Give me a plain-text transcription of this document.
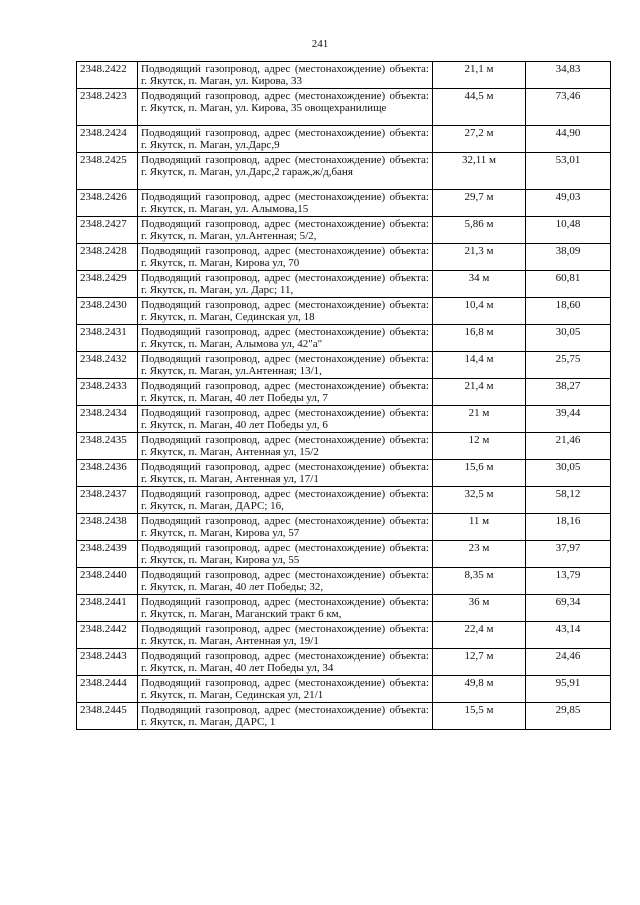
241
2348.2422	Подводящий газопровод, адрес (местонахождение) объекта: г. Якутск, п. Маган, ул. Кирова, 33	21,1 м	34,83
2348.2423	Подводящий газопровод, адрес (местонахождение) объекта: г. Якутск, п. Маган, ул. Кирова, 35 овощехранилище	44,5 м	73,46
2348.2424	Подводящий газопровод, адрес (местонахождение) объекта: г. Якутск, п. Маган, ул.Дарс,9	27,2 м	44,90
2348.2425	Подводящий газопровод, адрес (местонахождение) объекта: г. Якутск, п. Маган, ул.Дарс,2 гараж,ж/д,баня	32,11 м	53,01
2348.2426	Подводящий газопровод, адрес (местонахождение) объекта: г. Якутск, п. Маган, ул. Алымова,15	29,7 м	49,03
2348.2427	Подводящий газопровод, адрес (местонахождение) объекта: г. Якутск, п. Маган, ул.Антенная; 5/2,	5,86 м	10,48
2348.2428	Подводящий газопровод, адрес (местонахождение) объекта: г. Якутск, п. Маган, Кирова ул, 70	21,3 м	38,09
2348.2429	Подводящий газопровод, адрес (местонахождение) объекта: г. Якутск, п. Маган, ул. Дарс; 11,	34 м	60,81
2348.2430	Подводящий газопровод, адрес (местонахождение) объекта: г. Якутск, п. Маган, Сединская ул, 18	10,4 м	18,60
2348.2431	Подводящий газопровод, адрес (местонахождение) объекта: г. Якутск, п. Маган, Алымова ул, 42"а"	16,8 м	30,05
2348.2432	Подводящий газопровод, адрес (местонахождение) объекта: г. Якутск, п. Маган, ул.Антенная; 13/1,	14,4 м	25,75
2348.2433	Подводящий газопровод, адрес (местонахождение) объекта: г. Якутск, п. Маган, 40 лет Победы ул, 7	21,4 м	38,27
2348.2434	Подводящий газопровод, адрес (местонахождение) объекта: г. Якутск, п. Маган, 40 лет Победы ул, 6	21 м	39,44
2348.2435	Подводящий газопровод, адрес (местонахождение) объекта: г. Якутск, п. Маган, Антенная ул, 15/2	12 м	21,46
2348.2436	Подводящий газопровод, адрес (местонахождение) объекта: г. Якутск, п. Маган, Антенная ул, 17/1	15,6 м	30,05
2348.2437	Подводящий газопровод, адрес (местонахождение) объекта: г. Якутск, п. Маган, ДАРС; 16,	32,5 м	58,12
2348.2438	Подводящий газопровод, адрес (местонахождение) объекта: г. Якутск, п. Маган, Кирова ул, 57	11 м	18,16
2348.2439	Подводящий газопровод, адрес (местонахождение) объекта: г. Якутск, п. Маган, Кирова ул, 55	23 м	37,97
2348.2440	Подводящий газопровод, адрес (местонахождение) объекта: г. Якутск, п. Маган, 40 лет Победы; 32,	8,35 м	13,79
2348.2441	Подводящий газопровод, адрес (местонахождение) объекта: г. Якутск, п. Маган, Маганский тракт 6 км,	36 м	69,34
2348.2442	Подводящий газопровод, адрес (местонахождение) объекта: г. Якутск, п. Маган, Антенная ул, 19/1	22,4 м	43,14
2348.2443	Подводящий газопровод, адрес (местонахождение) объекта: г. Якутск, п. Маган, 40 лет Победы ул, 34	12,7 м	24,46
2348.2444	Подводящий газопровод, адрес (местонахождение) объекта: г. Якутск, п. Маган, Сединская ул, 21/1	49,8 м	95,91
2348.2445	Подводящий газопровод, адрес (местонахождение) объекта: г. Якутск, п. Маган, ДАРС, 1	15,5 м	29,85
